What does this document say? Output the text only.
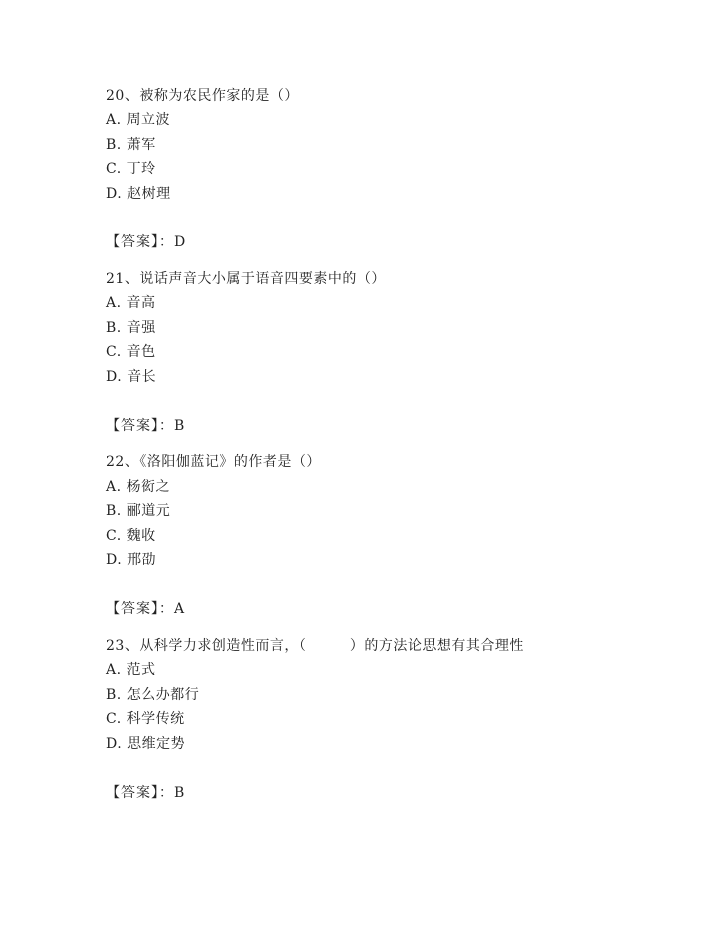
20、被称为农民作家的是（）
A. 周立波
B. 萧军
C. 丁玲
D. 赵树理
【答案】：D
21、说话声音大小属于语音四要素中的（）
A. 音高
B. 音强
C. 音色
D. 音长
【答案】：B
22、《洛阳伽蓝记》的作者是（）
A. 杨衒之
B. 郦道元
C. 魏收
D. 邢劭
【答案】：A
23、从科学力求创造性而言，（　　　）的方法论思想有其合理性
A. 范式
B. 怎么办都行
C. 科学传统
D. 思维定势
【答案】：B
